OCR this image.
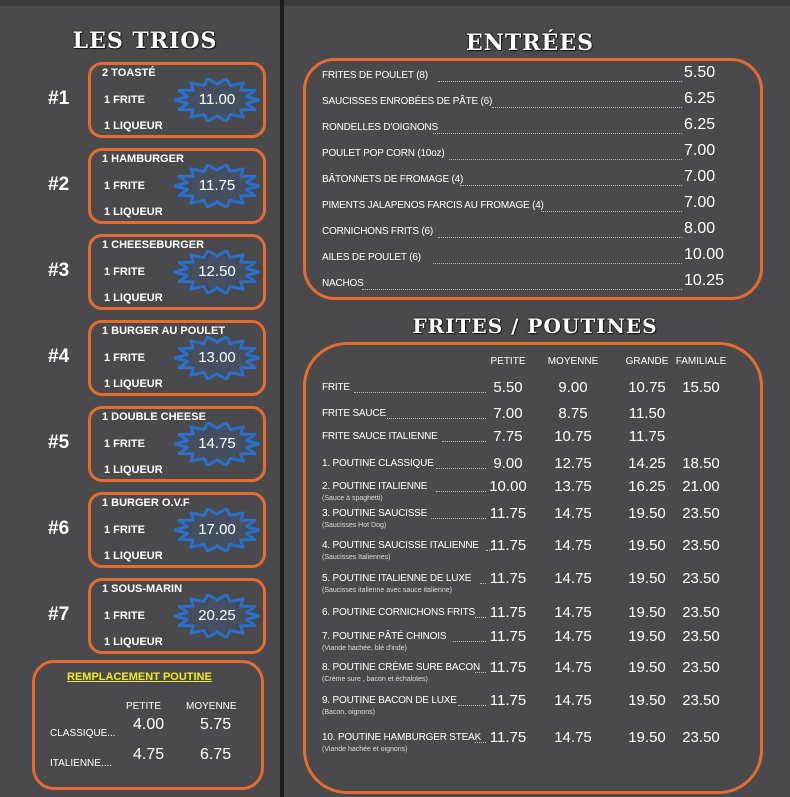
LES TRIOS
#1
2 TOASTÉ
1 FRITE
1 LIQUEUR
11.00
#2
1 HAMBURGER
1 FRITE
1 LIQUEUR
11.75
#3
1 CHEESEBURGER
1 FRITE
1 LIQUEUR
12.50
#4
1 BURGER AU POULET
1 FRITE
1 LIQUEUR
13.00
#5
1 DOUBLE CHEESE
1 FRITE
1 LIQUEUR
14.75
#6
1 BURGER O.V.F
1 FRITE
1 LIQUEUR
17.00
#7
1 SOUS-MARIN
1 FRITE
1 LIQUEUR
20.25
REMPLACEMENT POUTINE
PETITE MOYENNE
CLASSIQUE...
4.00 5.75
ITALIENNE....
4.75 6.75
ENTRÉES
FRITES DE POULET (8)	5.50
SAUCISSES ENROBÉES DE PÂTE (6)	6.25
RONDELLES D'OIGNONS	6.25
POULET POP CORN (10oz)	7.00
BÂTONNETS DE FROMAGE (4)	7.00
PIMENTS JALAPENOS FARCIS AU FROMAGE (4)	7.00
CORNICHONS FRITS (6)	8.00
AILES DE POULET (6)	10.00
NACHOS	10.25
FRITES / POUTINES
PETITE	MOYENNE	GRANDE FAMILIALE
FRITE	5.50	9.00	10.75	15.50
FRITE SAUCE	7.00	8.75	11.50
FRITE SAUCE ITALIENNE	7.75	10.75	11.75
1. POUTINE CLASSIQUE	9.00	12.75	14.25	18.50
2. POUTINE ITALIENNE
(Sauce à spaghetti)
10.00	13.75	16.25	21.00
3. POUTINE SAUCISSE
(Saucisses Hot Dog)
11.75	14.75	19.50	23.50
4. POUTINE SAUCISSE ITALIENNE
(Saucisses Italiennes)
11.75	14.75	19.50	23.50
5. POUTINE ITALIENNE DE LUXE
(Saucisses italienne avec sauce italienne)
11.75	14.75	19.50	23.50
6. POUTINE CORNICHONS FRITS 11.75	14.75	19.50	23.50
7. POUTINE PÂTÉ CHINOIS
(Viande hachée, blé d'inde)
11.75	14.75	19.50	23.50
8. POUTINE CRÈME SURE BACON
(Crème sure , bacon et échalotes)
11.75	14.75	19.50	23.50
9. POUTINE BACON DE LUXE
(Bacon, oignons)
11.75	14.75	19.50	23.50
10. POUTINE HAMBURGER STEAK
(Viande hachée et oignons)
11.75	14.75	19.50	23.50
